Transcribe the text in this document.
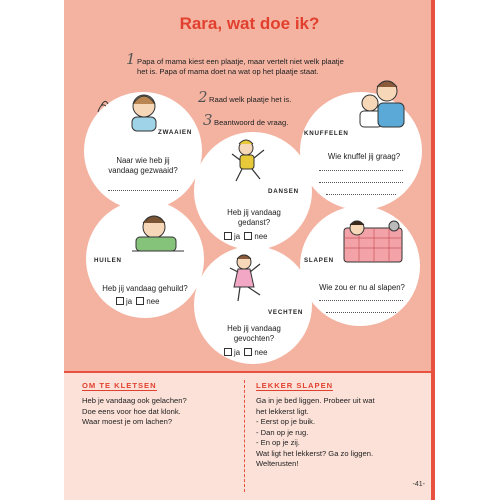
Rara, wat doe ik?
1 Papa of mama kiest een plaatje, maar vertelt niet welk plaatje
het is. Papa of mama doet na wat op het plaatje staat.
2 Raad welk plaatje het is.
3 Beantwoord de vraag.
ZWAAIEN
Naar wie heb jij
vandaag gezwaaid?
KNUFFELEN
Wie knuffel jij graag?
DANSEN
Heb jij vandaag
gedanst?
ja nee
HUILEN
Heb jij vandaag gehuild?
ja nee
SLAPEN
Wie zou er nu al slapen?
VECHTEN
Heb jij vandaag
gevochten?
ja nee
OM TE KLETSEN
Heb je vandaag ook gelachen?
Doe eens voor hoe dat klonk.
Waar moest je om lachen?
LEKKER SLAPEN
Ga in je bed liggen. Probeer uit wat
het lekkerst ligt.
- Eerst op je buik.
- Dan op je rug.
- En op je zij.
Wat ligt het lekkerst? Ga zo liggen.
Welterusten!
-41-
